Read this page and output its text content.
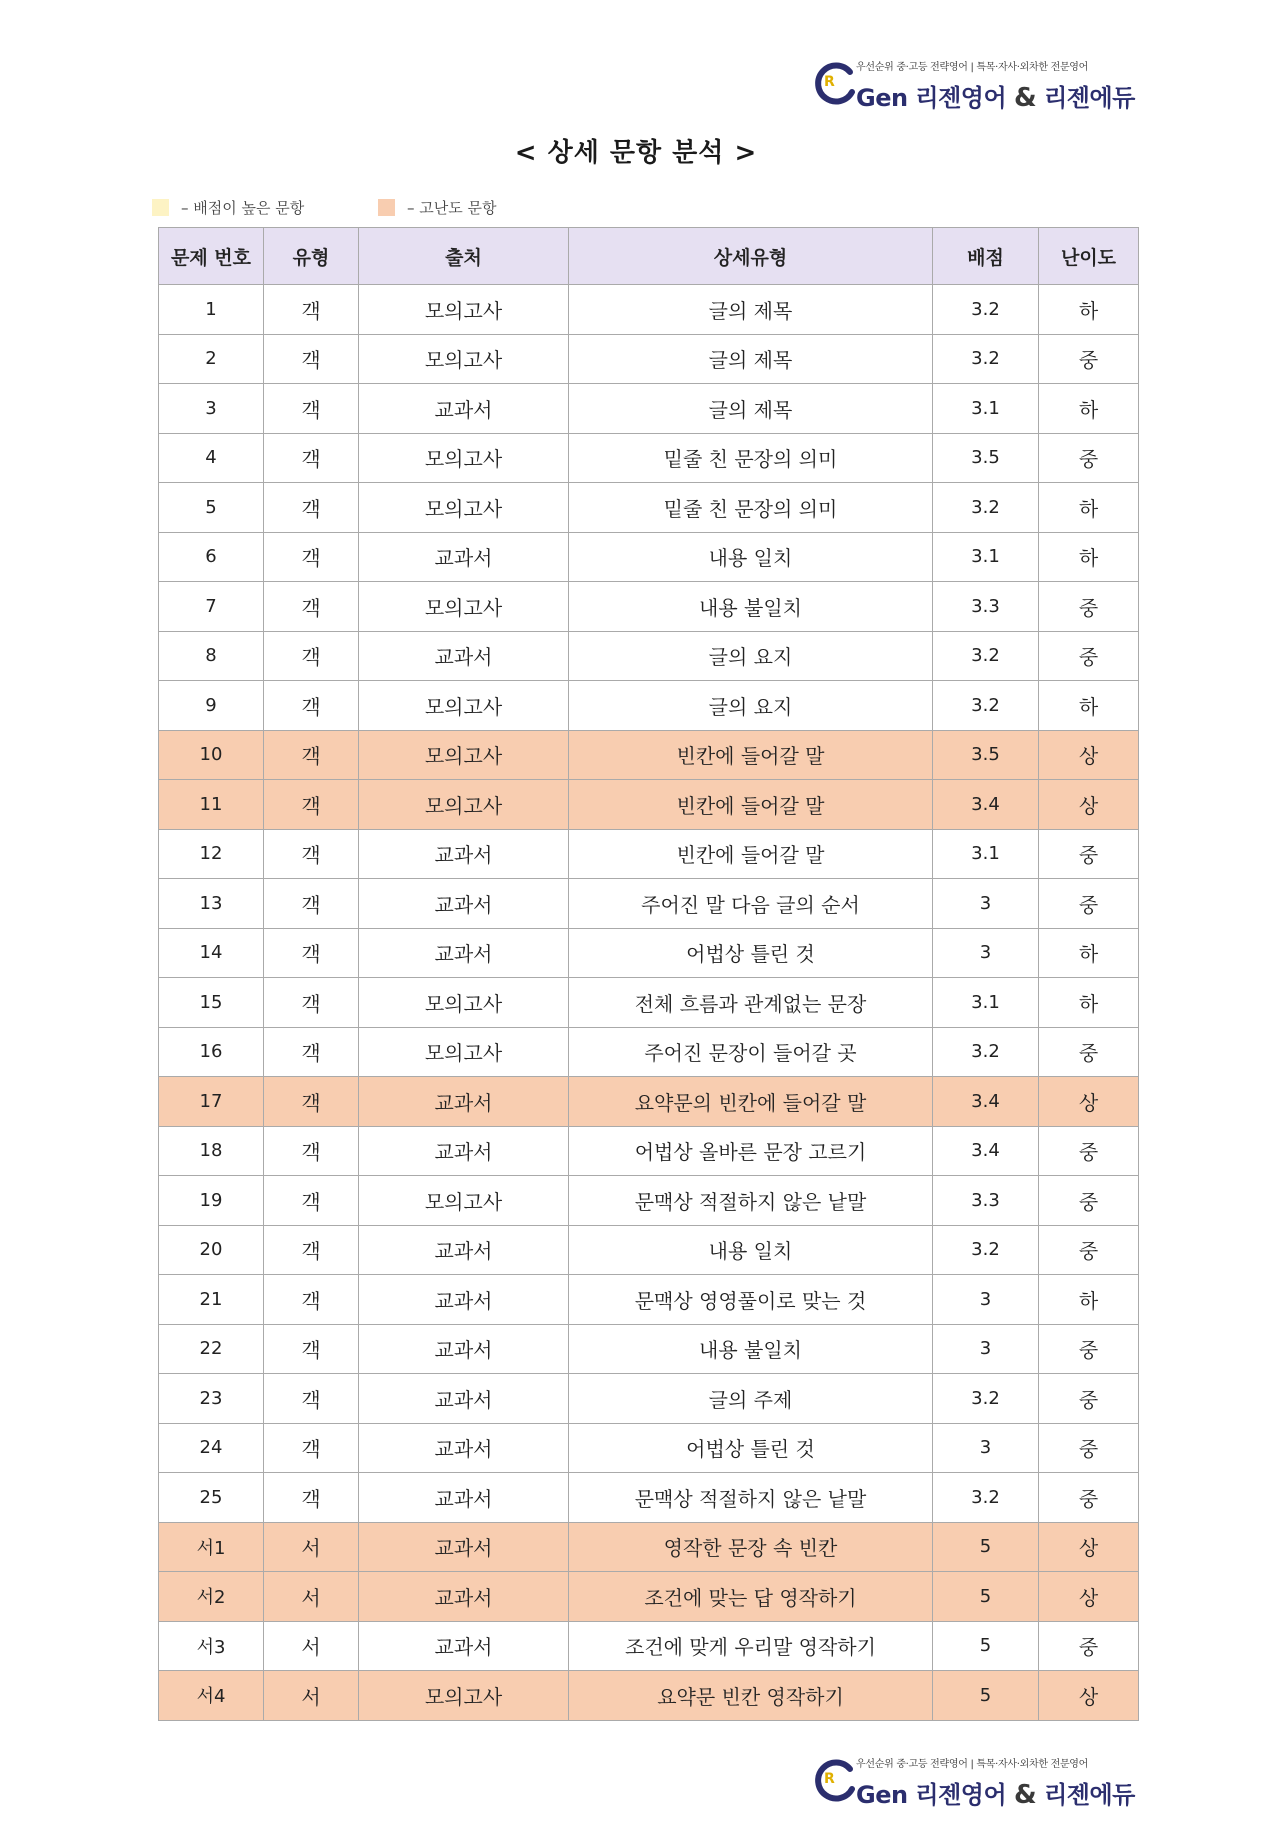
R
우선순위 중·고등 전략영어 | 특목·자사·외차한 전문영어
Gen 리젠영어 & 리젠에듀
< 상세 문항 분석 >
– 배점이 높은 문항	– 고난도 문항
문제 번호	유형	출처	상세유형	배점	난이도
1	객	모의고사	글의 제목	3.2	하
2	객	모의고사	글의 제목	3.2	중
3	객	교과서	글의 제목	3.1	하
4	객	모의고사	밑줄 친 문장의 의미	3.5	중
5	객	모의고사	밑줄 친 문장의 의미	3.2	하
6	객	교과서	내용 일치	3.1	하
7	객	모의고사	내용 불일치	3.3	중
8	객	교과서	글의 요지	3.2	중
9	객	모의고사	글의 요지	3.2	하
10	객	모의고사	빈칸에 들어갈 말	3.5	상
11	객	모의고사	빈칸에 들어갈 말	3.4	상
12	객	교과서	빈칸에 들어갈 말	3.1	중
13	객	교과서	주어진 말 다음 글의 순서	3	중
14	객	교과서	어법상 틀린 것	3	하
15	객	모의고사	전체 흐름과 관계없는 문장	3.1	하
16	객	모의고사	주어진 문장이 들어갈 곳	3.2	중
17	객	교과서	요약문의 빈칸에 들어갈 말	3.4	상
18	객	교과서	어법상 올바른 문장 고르기	3.4	중
19	객	모의고사	문맥상 적절하지 않은 낱말	3.3	중
20	객	교과서	내용 일치	3.2	중
21	객	교과서	문맥상 영영풀이로 맞는 것	3	하
22	객	교과서	내용 불일치	3	중
23	객	교과서	글의 주제	3.2	중
24	객	교과서	어법상 틀린 것	3	중
25	객	교과서	문맥상 적절하지 않은 낱말	3.2	중
서1	서	교과서	영작한 문장 속 빈칸	5	상
서2	서	교과서	조건에 맞는 답 영작하기	5	상
서3	서	교과서	조건에 맞게 우리말 영작하기	5	중
서4	서	모의고사	요약문 빈칸 영작하기	5	상
R
우선순위 중·고등 전략영어 | 특목·자사·외차한 전문영어
Gen 리젠영어 & 리젠에듀
